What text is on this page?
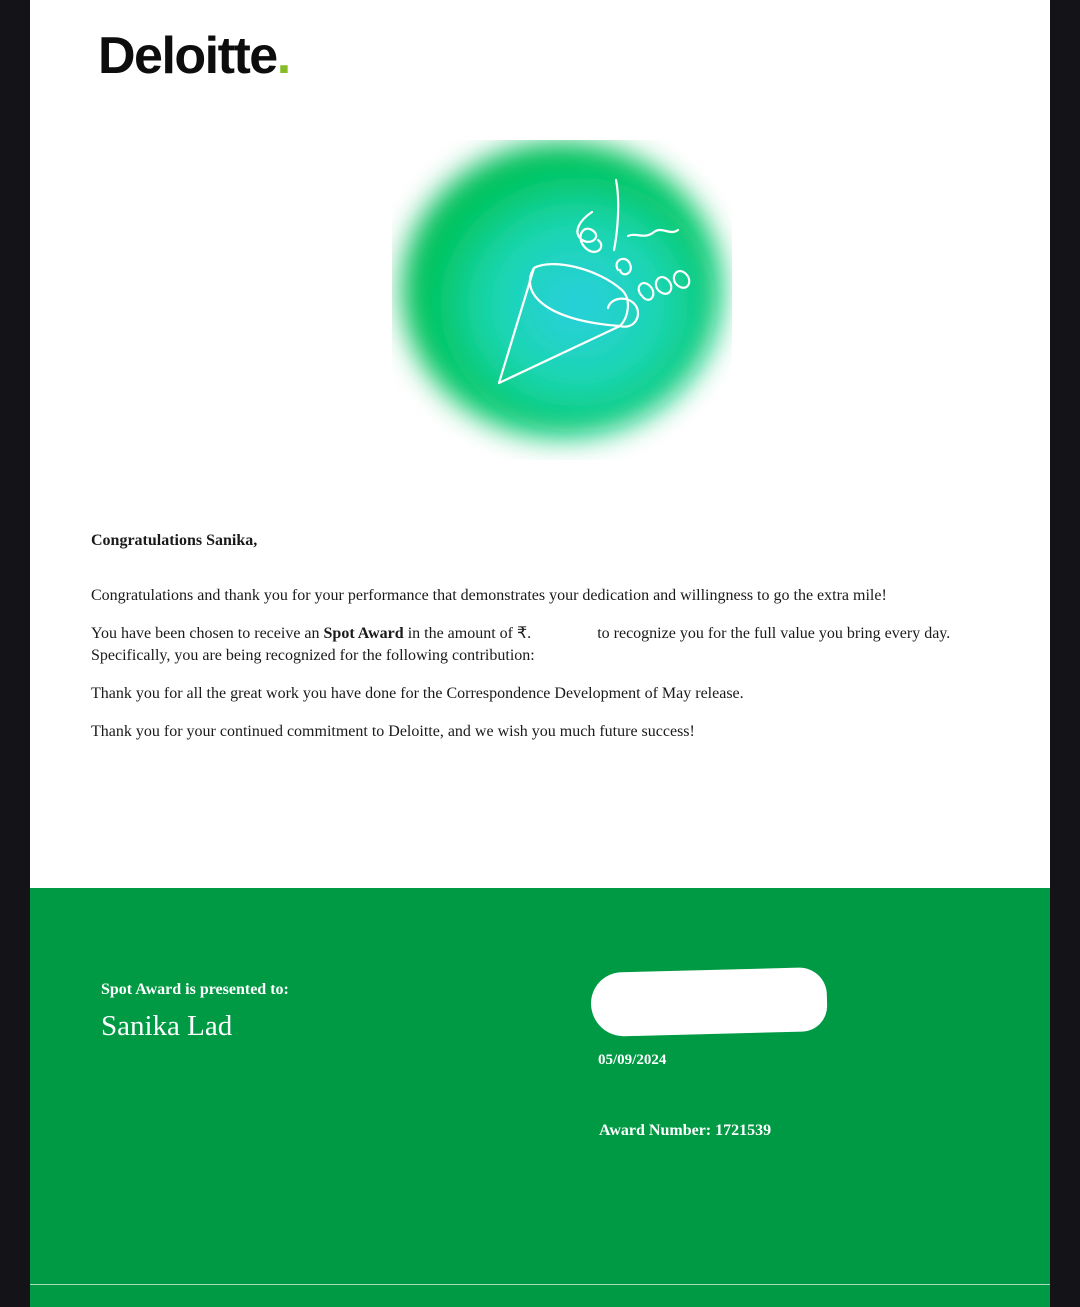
Deloitte.

Congratulations Sanika,

Congratulations and thank you for your performance that demonstrates your dedication and willingness to go the extra mile!

You have been chosen to receive an Spot Award in the amount of ₹.	to recognize you for the full value you bring every day. Specifically, you are being recognized for the following contribution:

Thank you for all the great work you have done for the Correspondence Development of May release.

Thank you for your continued commitment to Deloitte, and we wish you much future success!

Spot Award is presented to:
Sanika Lad
05/09/2024
Award Number: 1721539
